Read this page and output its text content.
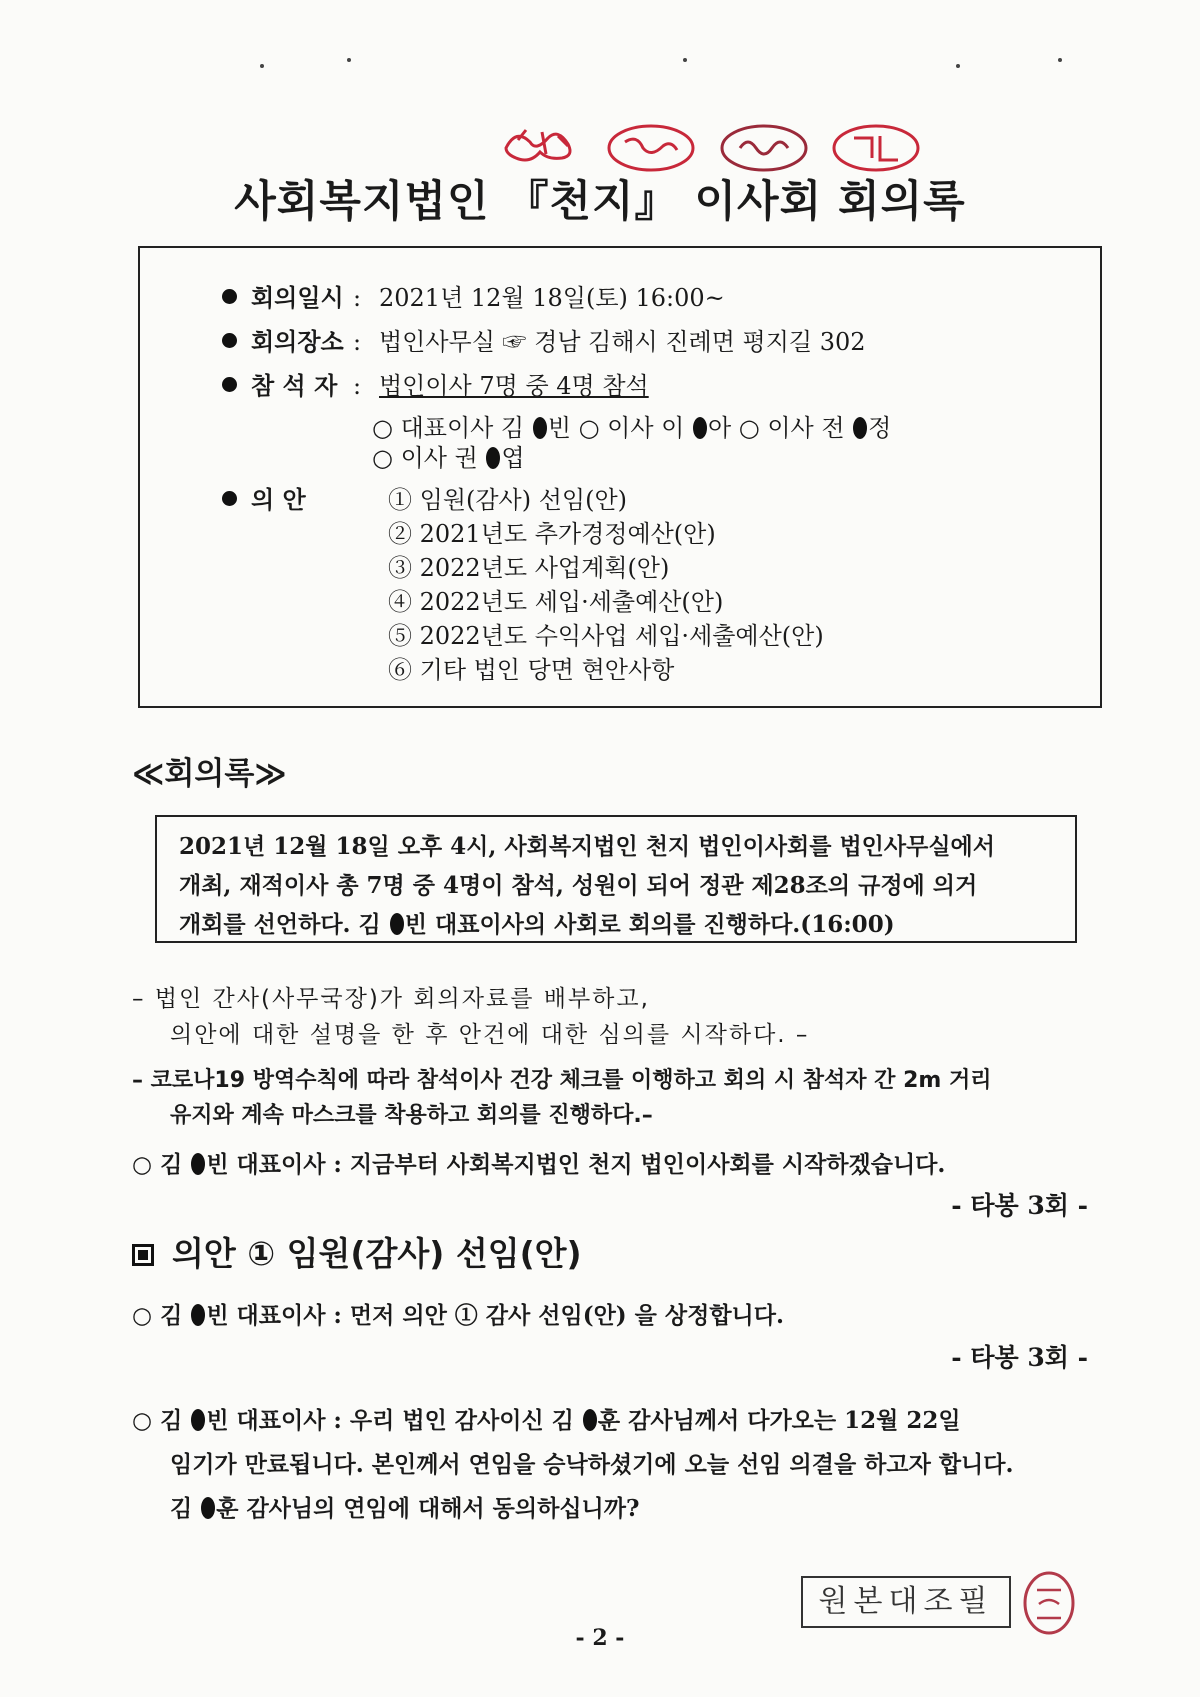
사회복지법인 『천지』 이사회 회의록
회의일시 : 2021년 12월 18일(토) 16:00~
회의장소 : 법인사무실 ☞ 경남 김해시 진례면 평지길 302
참 석 자 : 법인이사 7명 중 4명 참석
○ 대표이사 김 빈 ○ 이사 이 아 ○ 이사 전 정
○ 이사 권 엽
의 안	① 임원(감사) 선임(안)
② 2021년도 추가경정예산(안)
③ 2022년도 사업계획(안)
④ 2022년도 세입·세출예산(안)
⑤ 2022년도 수익사업 세입·세출예산(안)
⑥ 기타 법인 당면 현안사항
≪회의록≫
2021년 12월 18일 오후 4시, 사회복지법인 천지 법인이사회를 법인사무실에서
개최, 재적이사 총 7명 중 4명이 참석, 성원이 되어 정관 제28조의 규정에 의거
개회를 선언하다. 김 빈 대표이사의 사회로 회의를 진행하다.(16:00)
– 법인 간사(사무국장)가 회의자료를 배부하고,
의안에 대한 설명을 한 후 안건에 대한 심의를 시작하다. –
– 코로나19 방역수칙에 따라 참석이사 건강 체크를 이행하고 회의 시 참석자 간 2m 거리
유지와 계속 마스크를 착용하고 회의를 진행하다.–
○ 김 빈 대표이사 : 지금부터 사회복지법인 천지 법인이사회를 시작하겠습니다.
- 타봉 3회 -
의안 ① 임원(감사) 선임(안)
○ 김 빈 대표이사 : 먼저 의안 ① 감사 선임(안) 을 상정합니다.
- 타봉 3회 -
○ 김 빈 대표이사 : 우리 법인 감사이신 김 훈 감사님께서 다가오는 12월 22일
임기가 만료됩니다. 본인께서 연임을 승낙하셨기에 오늘 선임 의결을 하고자 합니다.
김 훈 감사님의 연임에 대해서 동의하십니까?
원본대조필
- 2 -
